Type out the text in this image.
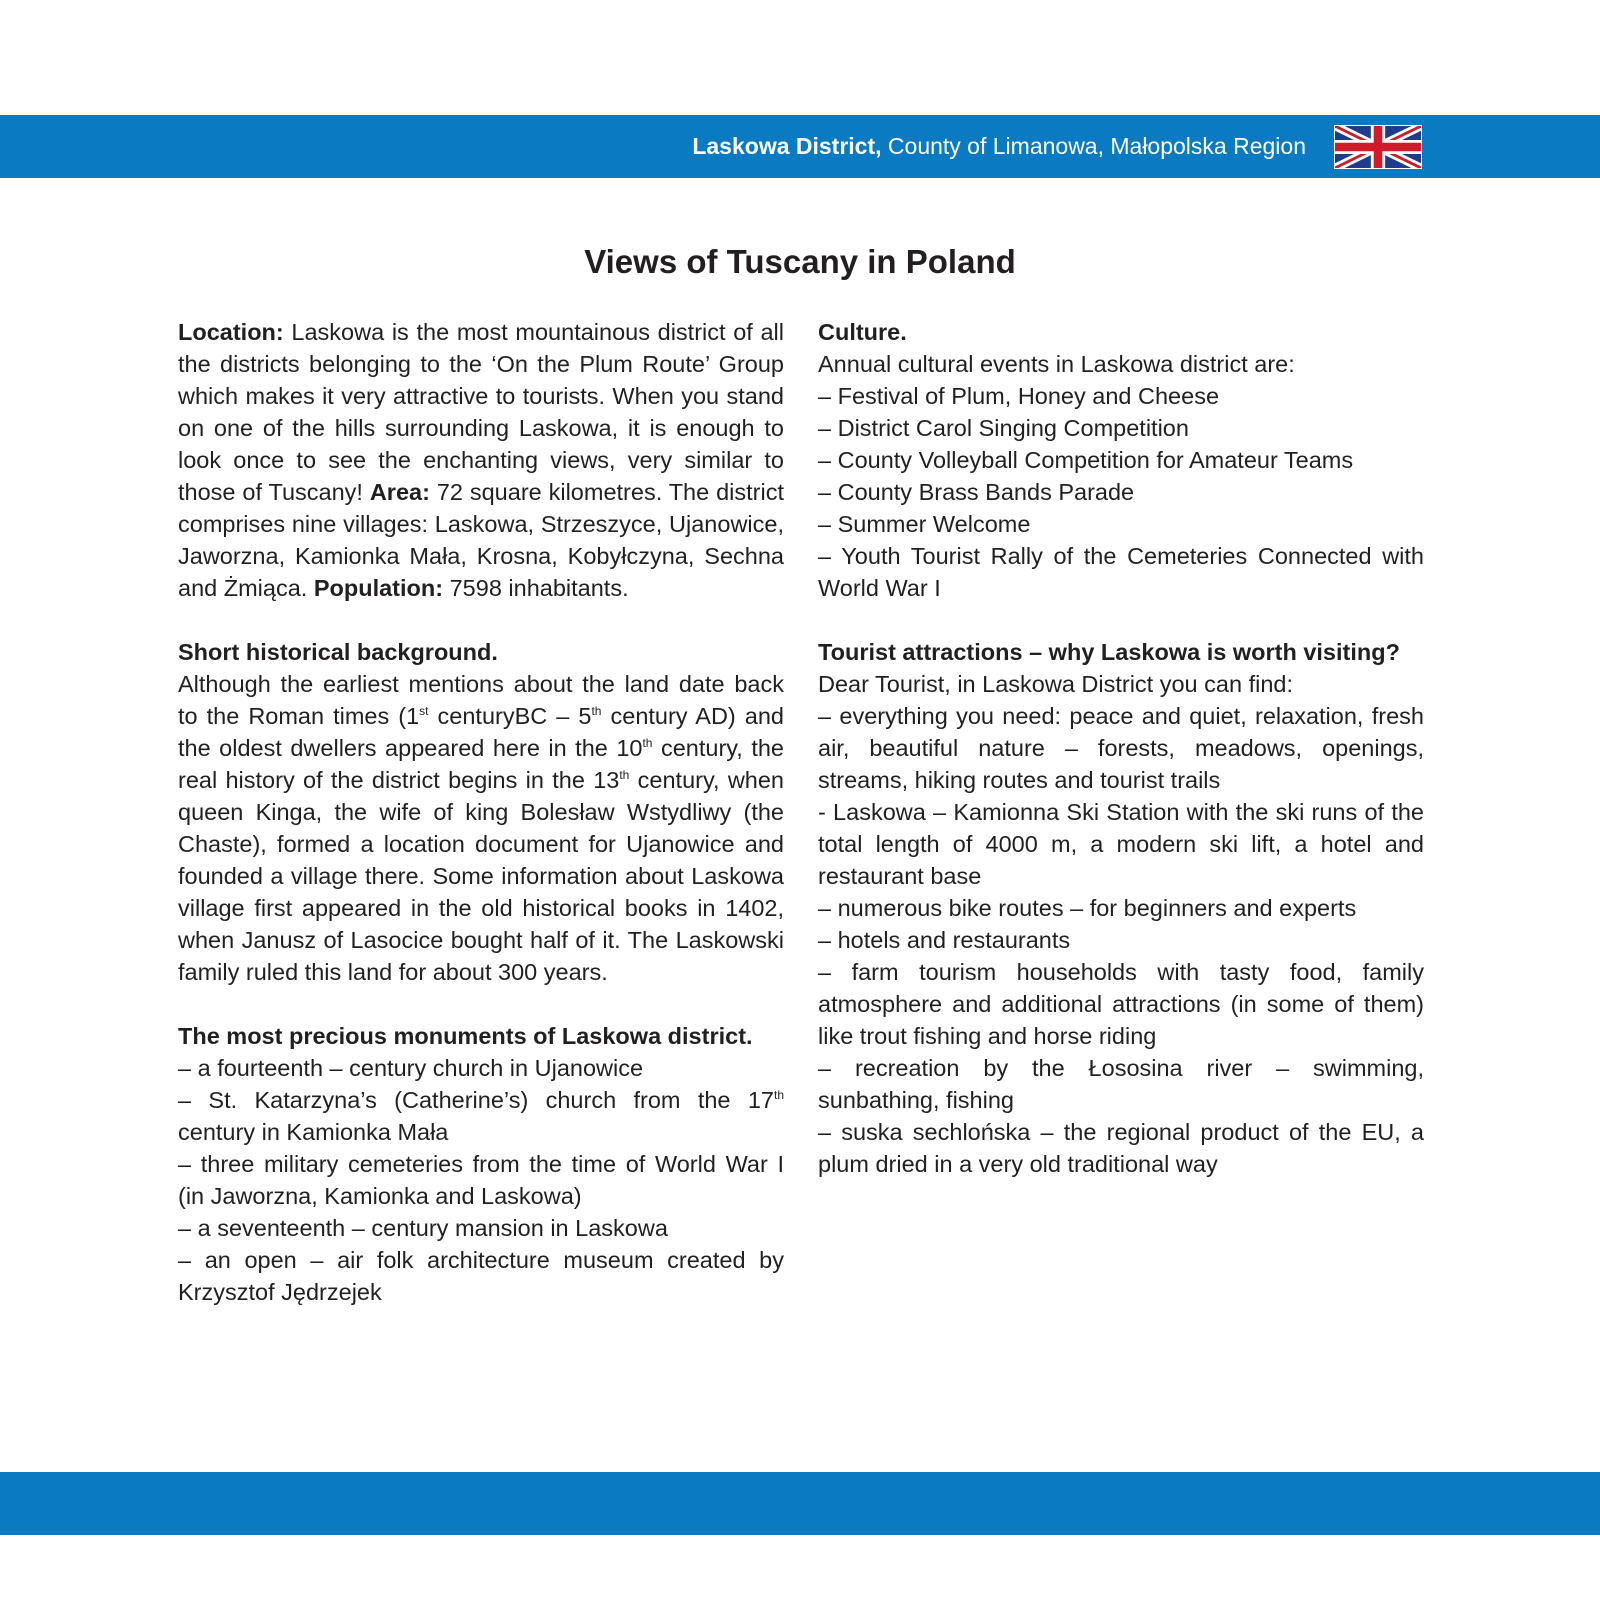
Laskowa District, County of Limanowa, Małopolska Region
Views of Tuscany in Poland

Location: Laskowa is the most mountainous district of all the districts belonging to the ‘On the Plum Route’ Group which makes it very attractive to tourists. When you stand on one of the hills surrounding Laskowa, it is enough to look once to see the enchanting views, very similar to those of Tuscany! Area: 72 square kilometres. The district comprises nine villages: Laskowa, Strzeszyce, Ujanowice, Jaworzna, Kamionka Mała, Krosna, Kobyłczyna, Sechna and Żmiąca. Population: 7598 inhabitants.

Short historical background.

Although the earliest mentions about the land date back to the Roman times (1st centuryBC – 5th century AD) and the oldest dwellers appeared here in the 10th century, the real history of the district begins in the 13th century, when queen Kinga, the wife of king Bolesław Wstydliwy (the Chaste), formed a location document for Ujanowice and founded a village there. Some information about Laskowa village first appeared in the old historical books in 1402, when Janusz of Lasocice bought half of it. The Laskowski family ruled this land for about 300 years.

The most precious monuments of Laskowa district.
– a fourteenth – century church in Ujanowice
– St. Katarzyna’s (Catherine’s) church from the 17th century in Kamionka Mała
– three military cemeteries from the time of World War I (in Jaworzna, Kamionka and Laskowa)
– a seventeenth – century mansion in Laskowa
– an open – air folk architecture museum created by Krzysztof Jędrzejek
Culture.

Annual cultural events in Laskowa district are:

– Festival of Plum, Honey and Cheese
– District Carol Singing Competition
– County Volleyball Competition for Amateur Teams
– County Brass Bands Parade
– Summer Welcome
– Youth Tourist Rally of the Cemeteries Connected with World War I
Tourist attractions – why Laskowa is worth visiting?

Dear Tourist, in Laskowa District you can find:

– everything you need: peace and quiet, relaxation, fresh air, beautiful nature – forests, meadows, openings, streams, hiking routes and tourist trails
- Laskowa – Kamionna Ski Station with the ski runs of the total length of 4000 m, a modern ski lift, a hotel and restaurant base
– numerous bike routes – for beginners and experts
– hotels and restaurants
– farm tourism households with tasty food, family atmosphere and additional attractions (in some of them) like trout fishing and horse riding
– recreation by the Łososina river – swimming, sunbathing, fishing
– suska sechlońska – the regional product of the EU, a plum dried in a very old traditional way
